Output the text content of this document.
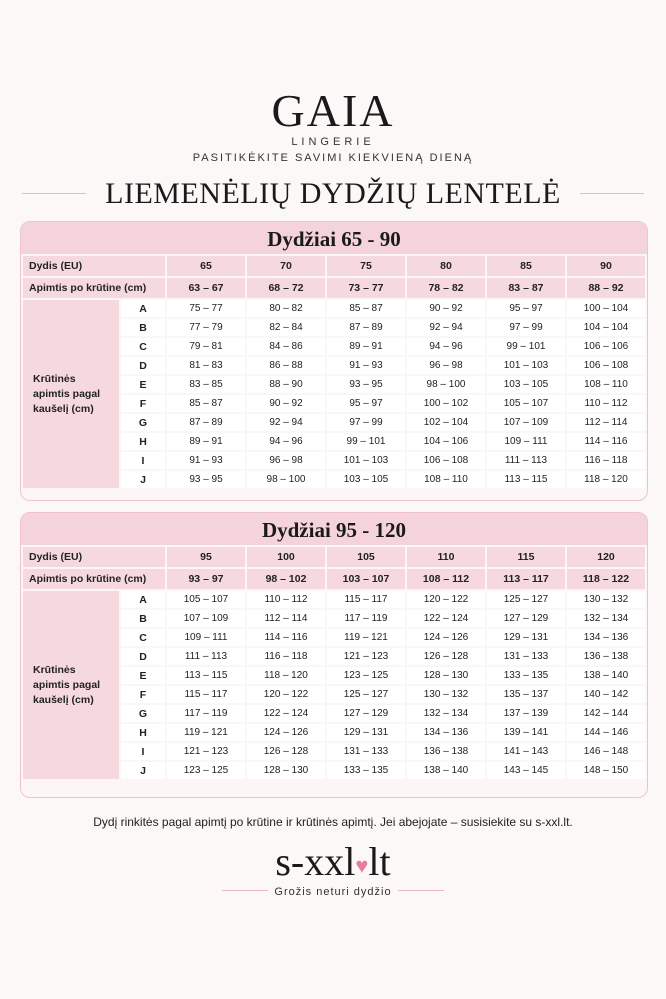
GAIA
LINGERIE
PASITIKĖKITE SAVIMI KIEKVIENĄ DIENĄ
LIEMENĖLIŲ DYDŽIŲ LENTELĖ
Dydžiai 65 - 90
Dydis (EU)		65	70	75	80	85	90
Apimtis po krūtine (cm)		63 – 67	68 – 72	73 – 77	78 – 82	83 – 87	88 – 92

Krūtinės
apimtis pagal
kaušelį (cm)	A	75 – 77	80 – 82	85 – 87	90 – 92	95 – 97	100 – 104
	B	77 – 79	82 – 84	87 – 89	92 – 94	97 – 99	104 – 104
	C	79 – 81	84 – 86	89 – 91	94 – 96	99 – 101	106 – 106
	D	81 – 83	86 – 88	91 – 93	96 – 98	101 – 103	106 – 108
	E	83 – 85	88 – 90	93 – 95	98 – 100	103 – 105	108 – 110
	F	85 – 87	90 – 92	95 – 97	100 – 102	105 – 107	110 – 112
	G	87 – 89	92 – 94	97 – 99	102 – 104	107 – 109	112 – 114
	H	89 – 91	94 – 96	99 – 101	104 – 106	109 – 111	114 – 116
	I	91 – 93	96 – 98	101 – 103	106 – 108	111 – 113	116 – 118
	J	93 – 95	98 – 100	103 – 105	108 – 110	113 – 115	118 – 120
Dydžiai 95 - 120
Dydis (EU)		95	100	105	110	115	120
Apimtis po krūtine (cm)		93 – 97	98 – 102	103 – 107	108 – 112	113 – 117	118 – 122

Krūtinės
apimtis pagal
kaušelį (cm)	A	105 – 107	110 – 112	115 – 117	120 – 122	125 – 127	130 – 132
	B	107 – 109	112 – 114	117 – 119	122 – 124	127 – 129	132 – 134
	C	109 – 111	114 – 116	119 – 121	124 – 126	129 – 131	134 – 136
	D	111 – 113	116 – 118	121 – 123	126 – 128	131 – 133	136 – 138
	E	113 – 115	118 – 120	123 – 125	128 – 130	133 – 135	138 – 140
	F	115 – 117	120 – 122	125 – 127	130 – 132	135 – 137	140 – 142
	G	117 – 119	122 – 124	127 – 129	132 – 134	137 – 139	142 – 144
	H	119 – 121	124 – 126	129 – 131	134 – 136	139 – 141	144 – 146
	I	121 – 123	126 – 128	131 – 133	136 – 138	141 – 143	146 – 148
	J	123 – 125	128 – 130	133 – 135	138 – 140	143 – 145	148 – 150
Dydį rinkitės pagal apimtį po krūtine ir krūtinės apimtį. Jei abejojate – susisiekite su s-xxl.lt.
s-xxl♥lt
Grožis neturi dydžio
